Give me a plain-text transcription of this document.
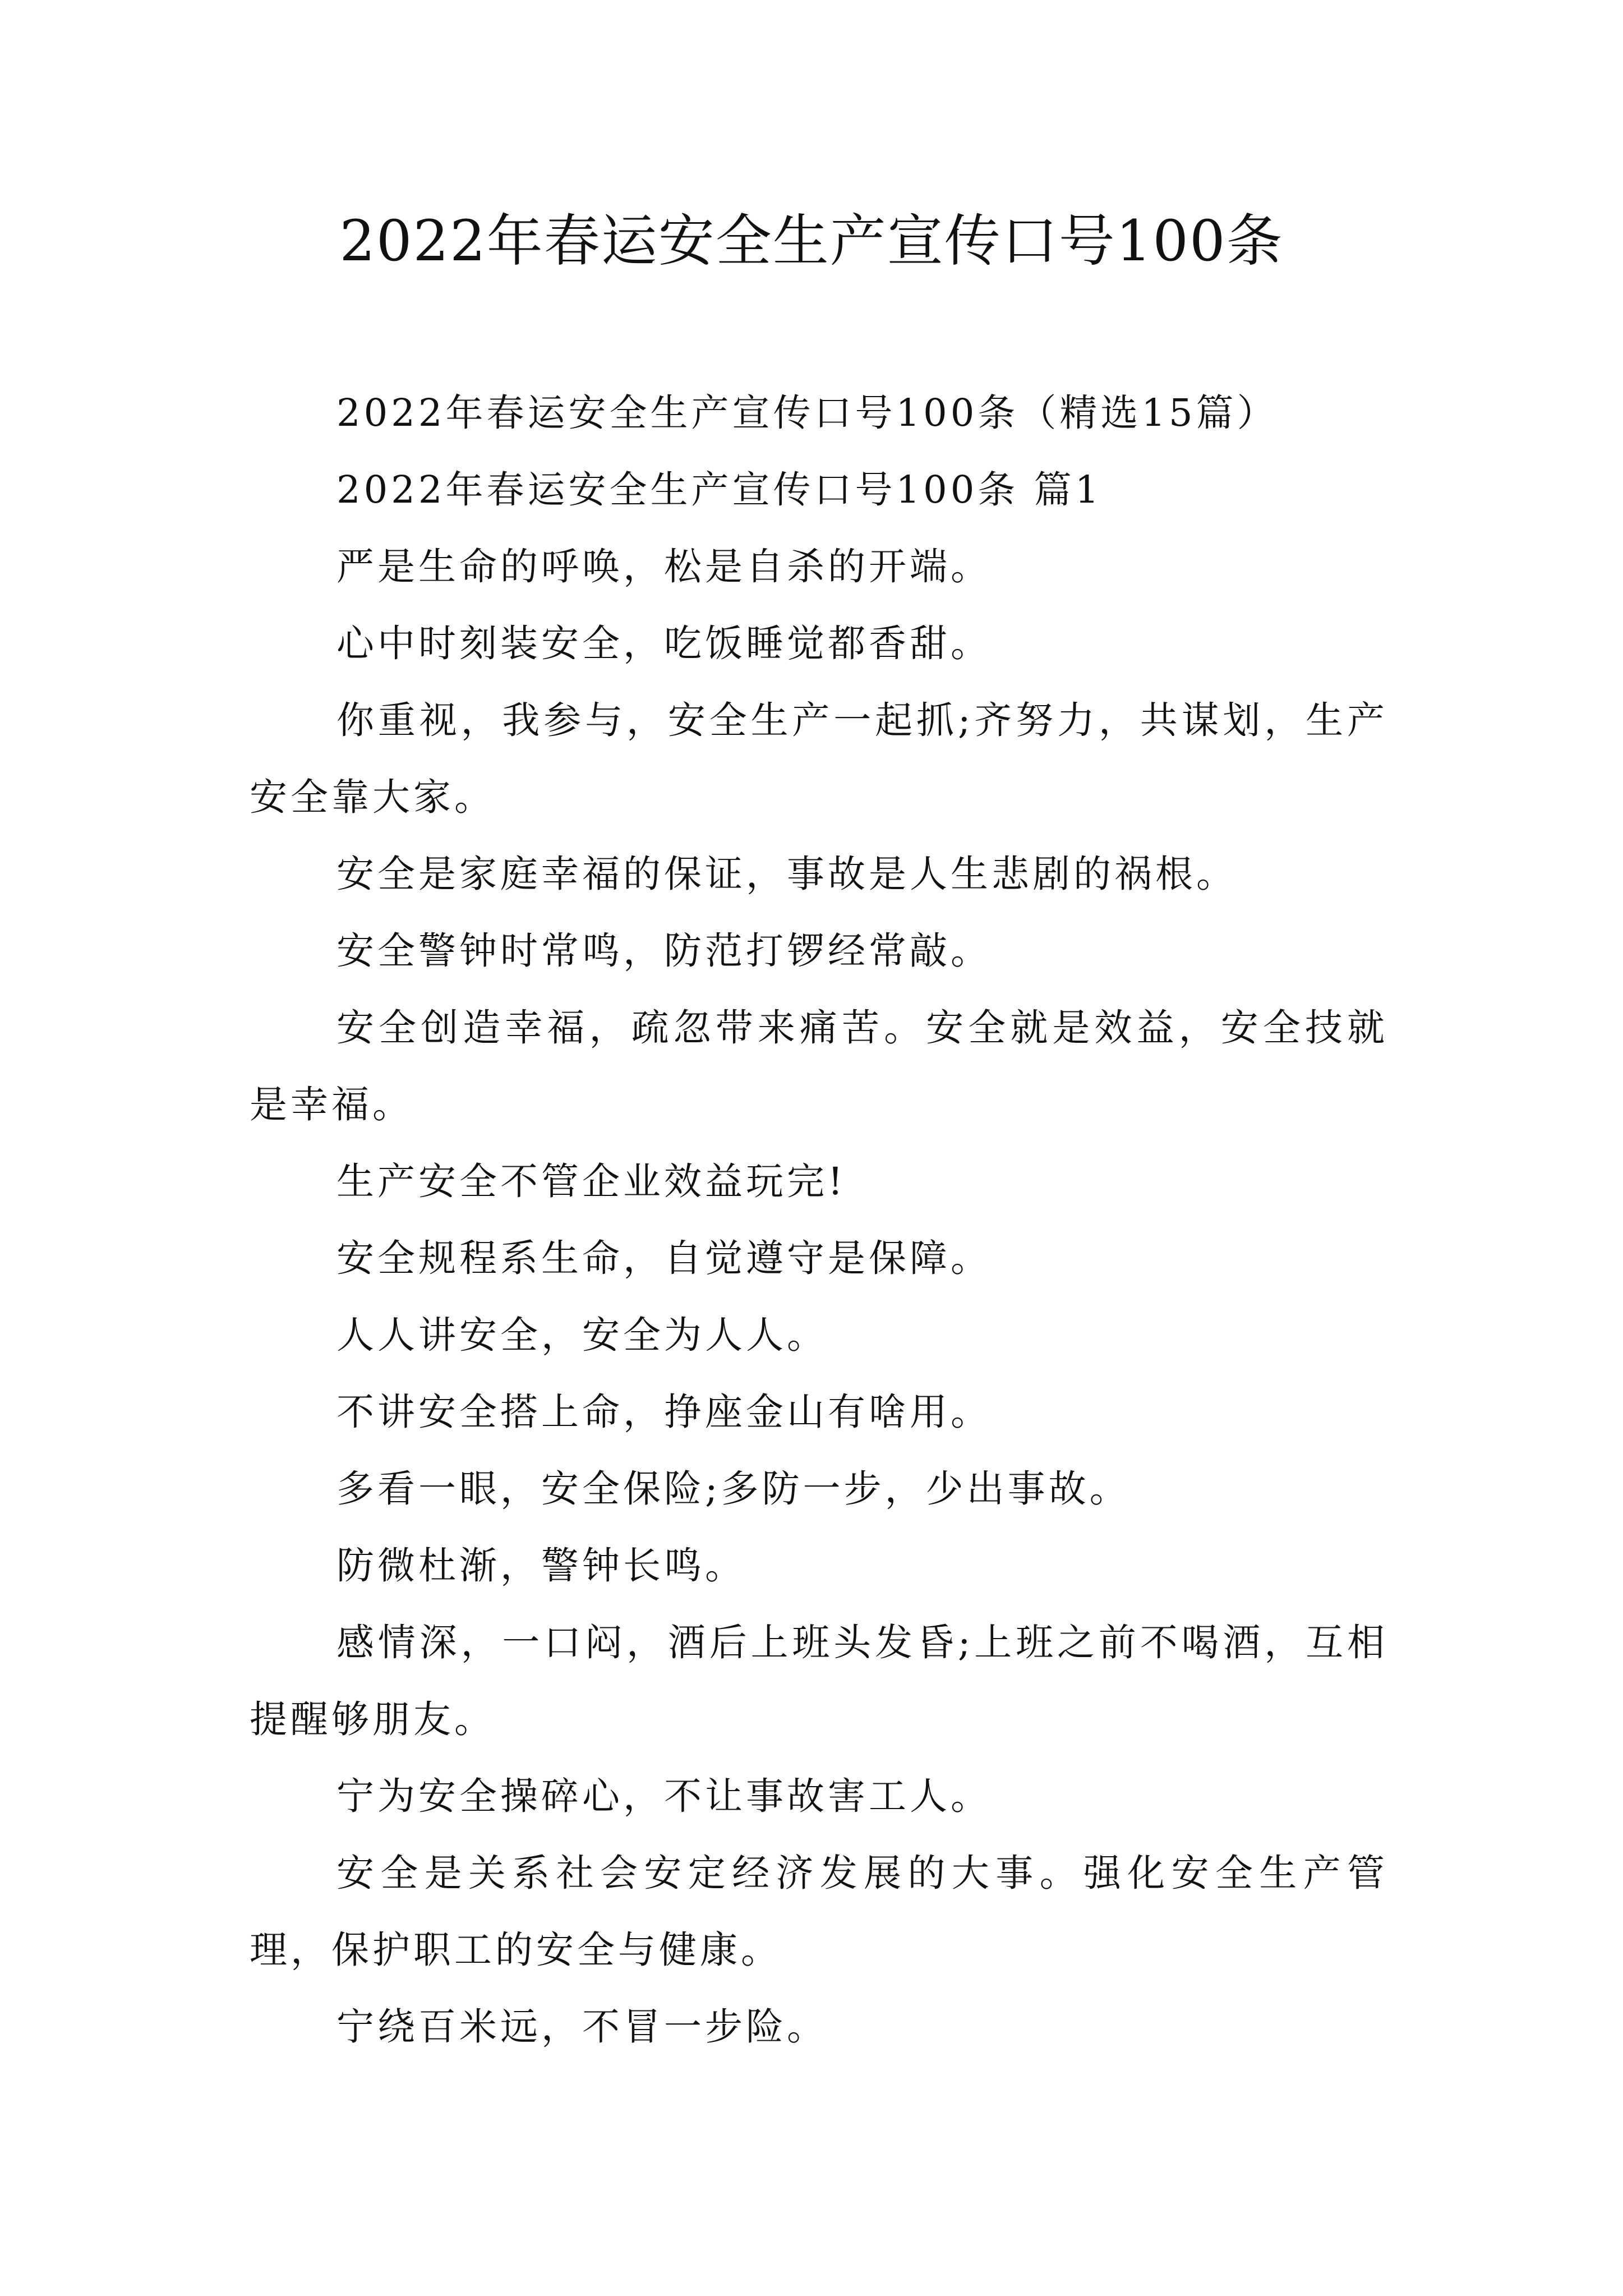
2022年春运安全生产宣传口号100条

2022年春运安全生产宣传口号100条（精选15篇）

2022年春运安全生产宣传口号100条 篇1

严是生命的呼唤，松是自杀的开端。

心中时刻装安全，吃饭睡觉都香甜。

你重视，我参与，安全生产一起抓;齐努力，共谋划，生产安全靠大家。

安全是家庭幸福的保证，事故是人生悲剧的祸根。

安全警钟时常鸣，防范打锣经常敲。

安全创造幸福，疏忽带来痛苦。安全就是效益，安全技就是幸福。

生产安全不管企业效益玩完!

安全规程系生命，自觉遵守是保障。

人人讲安全，安全为人人。

不讲安全搭上命，挣座金山有啥用。

多看一眼，安全保险;多防一步，少出事故。

防微杜渐，警钟长鸣。

感情深，一口闷，酒后上班头发昏;上班之前不喝酒，互相提醒够朋友。

宁为安全操碎心，不让事故害工人。

安全是关系社会安定经济发展的大事。强化安全生产管理，保护职工的安全与健康。

宁绕百米远，不冒一步险。
